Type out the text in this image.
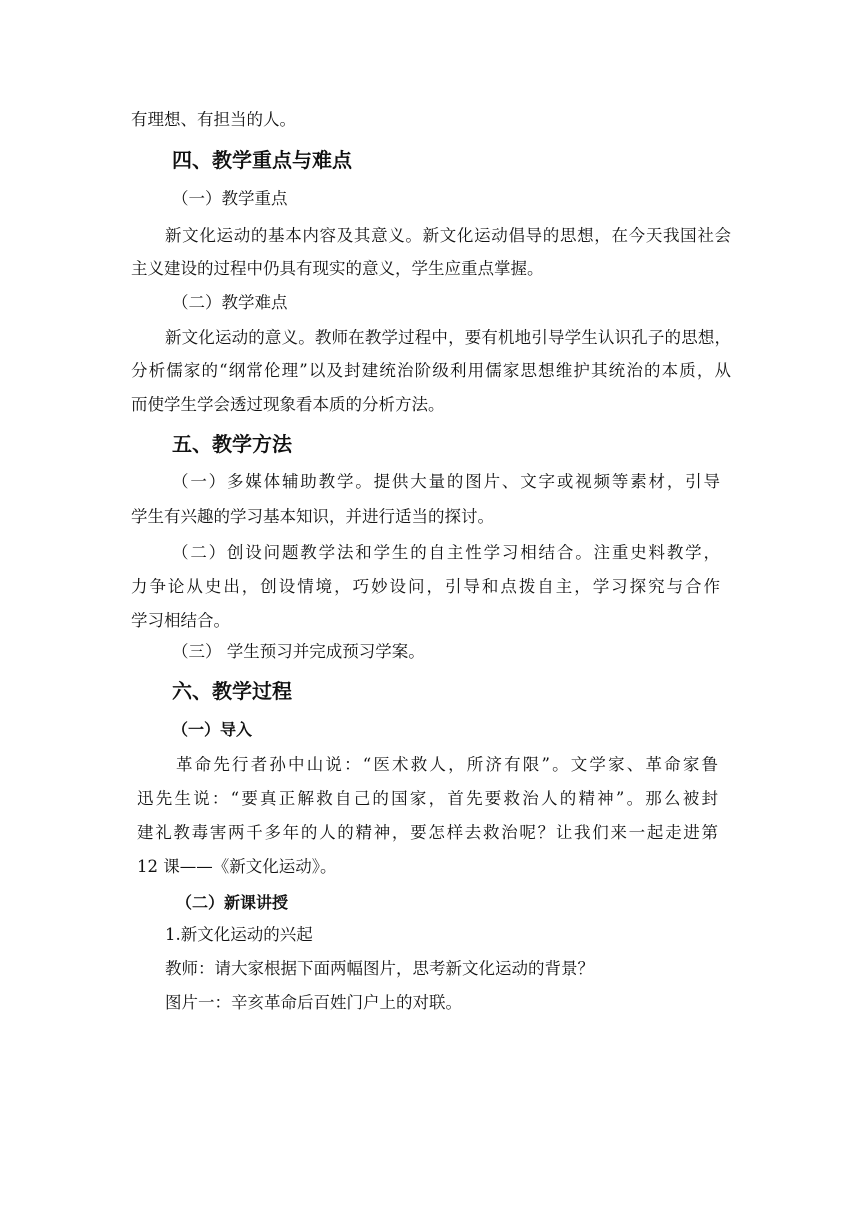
有理想、有担当的人。
四、教学重点与难点
（一）教学重点
新文化运动的基本内容及其意义。新文化运动倡导的思想，在今天我国社会
主义建设的过程中仍具有现实的意义，学生应重点掌握。
（二）教学难点
新文化运动的意义。教师在教学过程中，要有机地引导学生认识孔子的思想，
分析儒家的“纲常伦理”以及封建统治阶级利用儒家思想维护其统治的本质，从
而使学生学会透过现象看本质的分析方法。
五、教学方法
（一）多媒体辅助教学。提供大量的图片、文字或视频等素材，引导
学生有兴趣的学习基本知识，并进行适当的探讨。
（二）创设问题教学法和学生的自主性学习相结合。注重史料教学，
力争论从史出，创设情境，巧妙设问，引导和点拨自主，学习探究与合作
学习相结合。
（三） 学生预习并完成预习学案。
六、教学过程
（一）导入
革命先行者孙中山说：“医术救人，所济有限”。文学家、革命家鲁
迅先生说：“要真正解救自己的国家，首先要救治人的精神”。那么被封
建礼教毒害两千多年的人的精神，要怎样去救治呢？让我们来一起走进第
12 课——《新文化运动》。
（二）新课讲授
1.新文化运动的兴起
教师：请大家根据下面两幅图片，思考新文化运动的背景？
图片一：辛亥革命后百姓门户上的对联。
